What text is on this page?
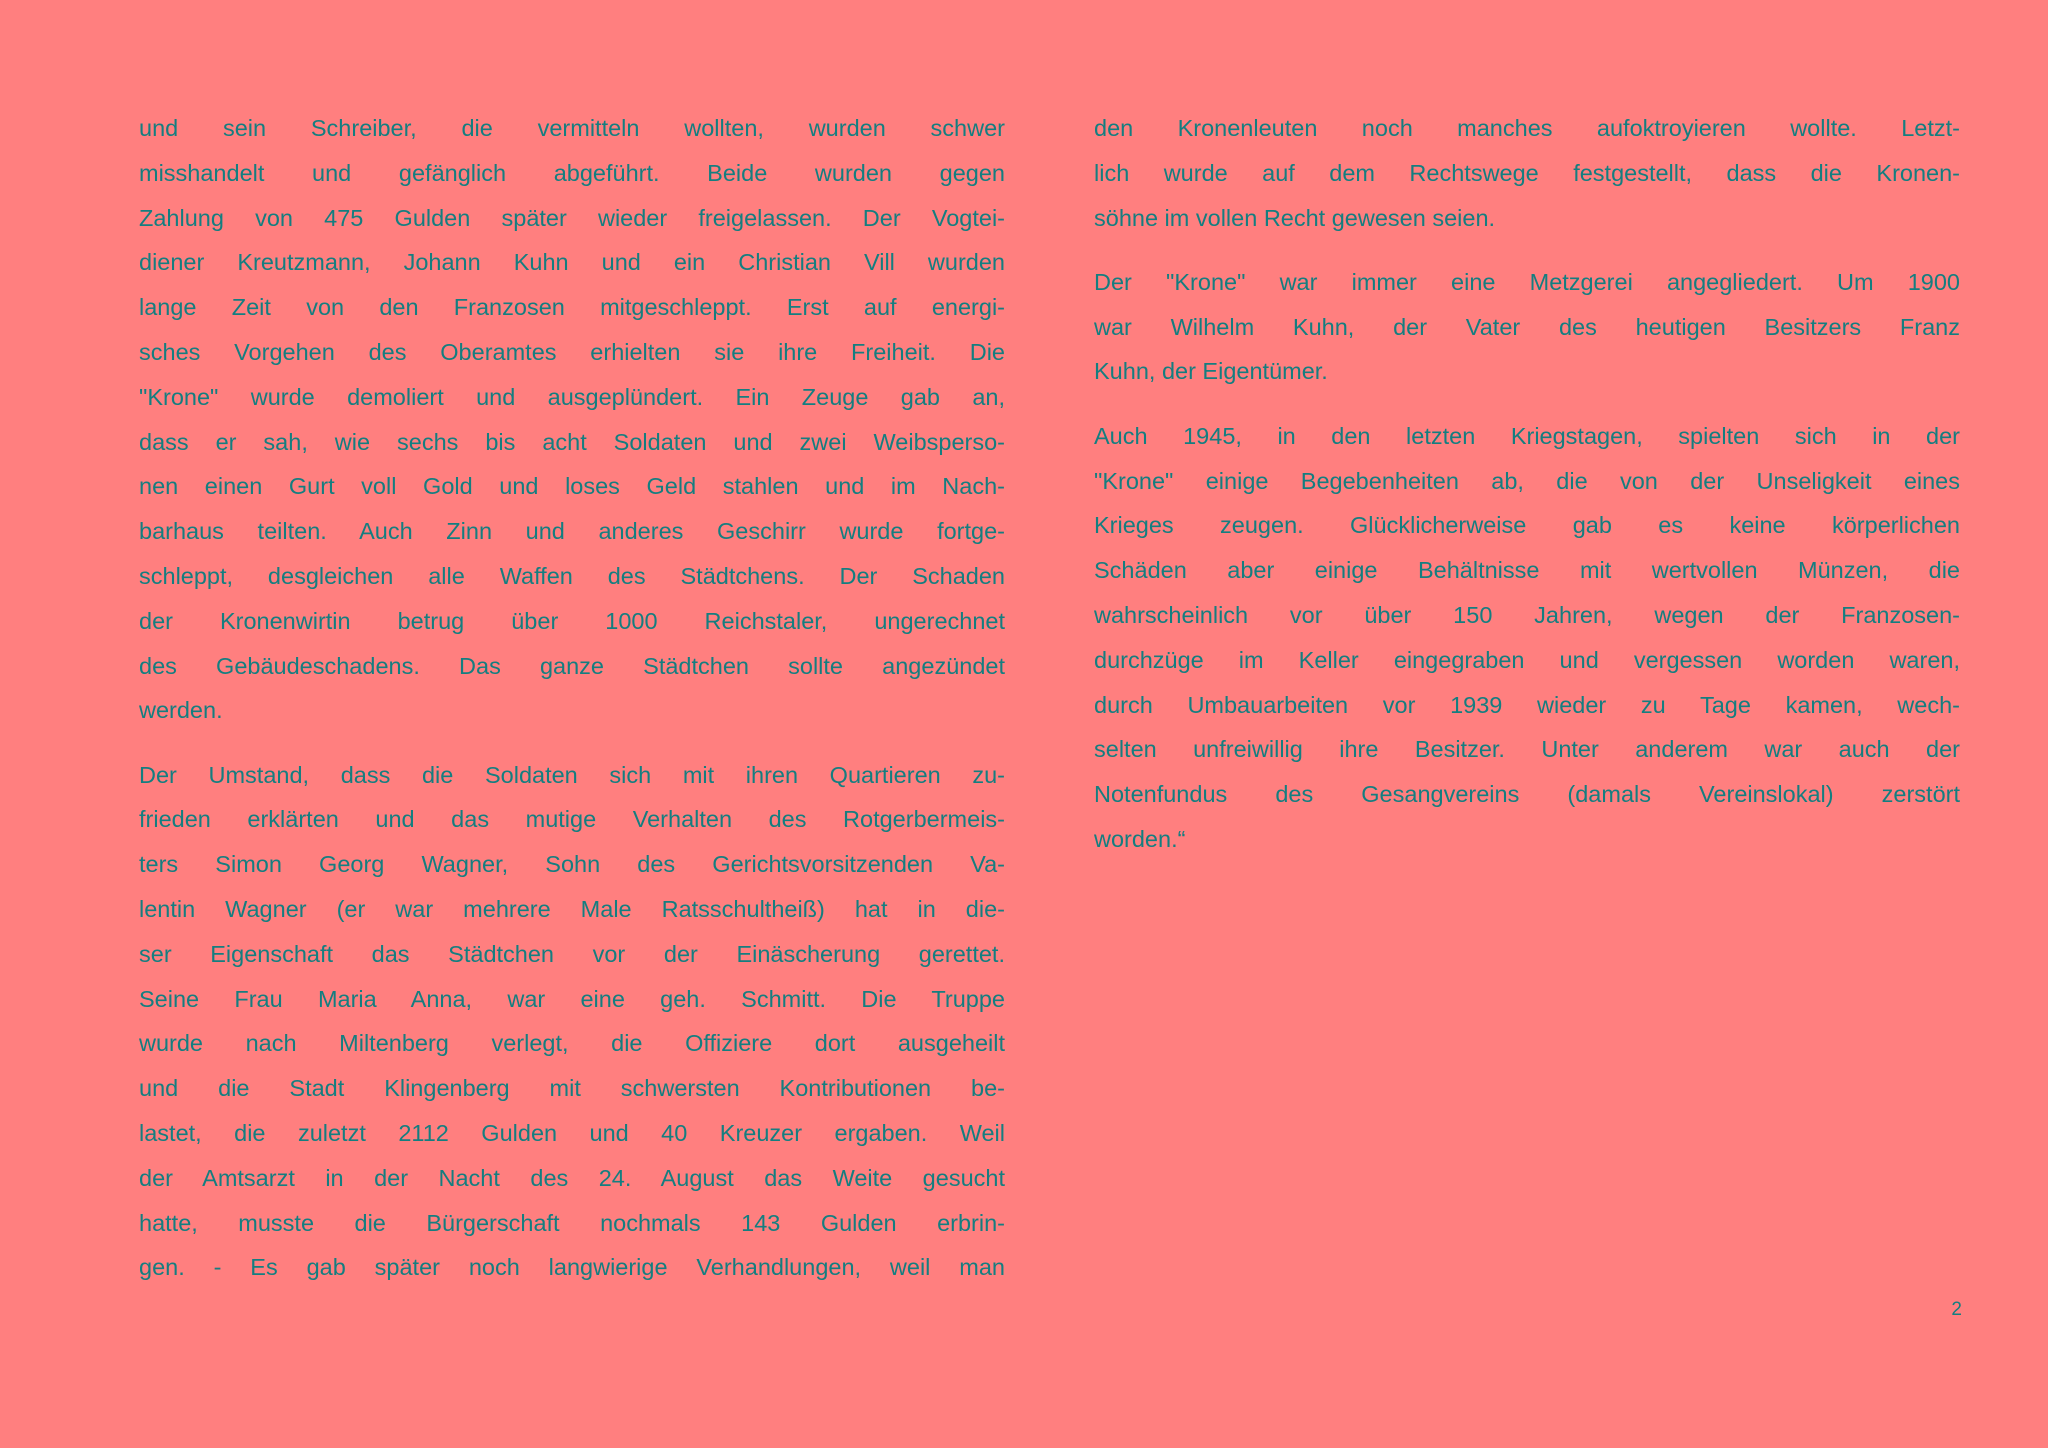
und sein Schreiber, die vermitteln wollten, wurden schwer
misshandelt und gefänglich abgeführt. Beide wurden gegen
Zahlung von 475 Gulden später wieder freigelassen. Der Vogtei-
diener Kreutzmann, Johann Kuhn und ein Christian Vill wurden
lange Zeit von den Franzosen mitgeschleppt. Erst auf energi-
sches Vorgehen des Oberamtes erhielten sie ihre Freiheit. Die
"Krone" wurde demoliert und ausgeplündert. Ein Zeuge gab an,
dass er sah, wie sechs bis acht Soldaten und zwei Weibsperso-
nen einen Gurt voll Gold und loses Geld stahlen und im Nach-
barhaus teilten. Auch Zinn und anderes Geschirr wurde fortge-
schleppt, desgleichen alle Waffen des Städtchens. Der Schaden
der Kronenwirtin betrug über 1000 Reichstaler, ungerechnet
des Gebäudeschadens. Das ganze Städtchen sollte angezündet
werden.
Der Umstand, dass die Soldaten sich mit ihren Quartieren zu-
frieden erklärten und das mutige Verhalten des Rotgerbermeis-
ters Simon Georg Wagner, Sohn des Gerichtsvorsitzenden Va-
lentin Wagner (er war mehrere Male Ratsschultheiß) hat in die-
ser Eigenschaft das Städtchen vor der Einäscherung gerettet.
Seine Frau Maria Anna, war eine geh. Schmitt. Die Truppe
wurde nach Miltenberg verlegt, die Offiziere dort ausgeheilt
und die Stadt Klingenberg mit schwersten Kontributionen be-
lastet, die zuletzt 2112 Gulden und 40 Kreuzer ergaben. Weil
der Amtsarzt in der Nacht des 24. August das Weite gesucht
hatte, musste die Bürgerschaft nochmals 143 Gulden erbrin-
gen. - Es gab später noch langwierige Verhandlungen, weil man
den Kronenleuten noch manches aufoktroyieren wollte. Letzt-
lich wurde auf dem Rechtswege festgestellt, dass die Kronen-
söhne im vollen Recht gewesen seien.
Der "Krone" war immer eine Metzgerei angegliedert. Um 1900
war Wilhelm Kuhn, der Vater des heutigen Besitzers Franz
Kuhn, der Eigentümer.
Auch 1945, in den letzten Kriegstagen, spielten sich in der
"Krone" einige Begebenheiten ab, die von der Unseligkeit eines
Krieges zeugen. Glücklicherweise gab es keine körperlichen
Schäden aber einige Behältnisse mit wertvollen Münzen, die
wahrscheinlich vor über 150 Jahren, wegen der Franzosen-
durchzüge im Keller eingegraben und vergessen worden waren,
durch Umbauarbeiten vor 1939 wieder zu Tage kamen, wech-
selten unfreiwillig ihre Besitzer. Unter anderem war auch der
Notenfundus des Gesangvereins (damals Vereinslokal) zerstört
worden.“
2
